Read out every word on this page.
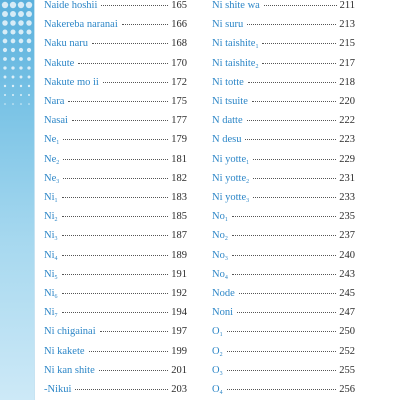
Naide hoshii	165
Nakereba naranai	166
Naku naru	168
Nakute	170
Nakute mo ii	172
Nara	175
Nasai	177
$Ne_1$	179
$Ne_2$	181
$Ne_3$	182
$Ni_1$	183
$Ni_2$	185
$Ni_3$	187
$Ni_4$	189
$Ni_5$	191
$Ni_6$	192
$Ni_7$	194
Ni chigainai	197
Ni kakete	199
Ni kan shite	201
-Nikui	203
Ni shite wa	211
Ni suru	213
Ni taishite$_1$	215
Ni taishite$_2$	217
Ni totte	218
Ni tsuite	220
N datte	222
N desu	223
Ni yotte$_1$	229
Ni yotte$_2$	231
Ni yotte$_3$	233
$No_1$	235
$No_2$	237
$No_3$	240
$No_4$	243
Node	245
Noni	247
$O_1$	250
$O_2$	252
$O_3$	255
$O_4$	256
